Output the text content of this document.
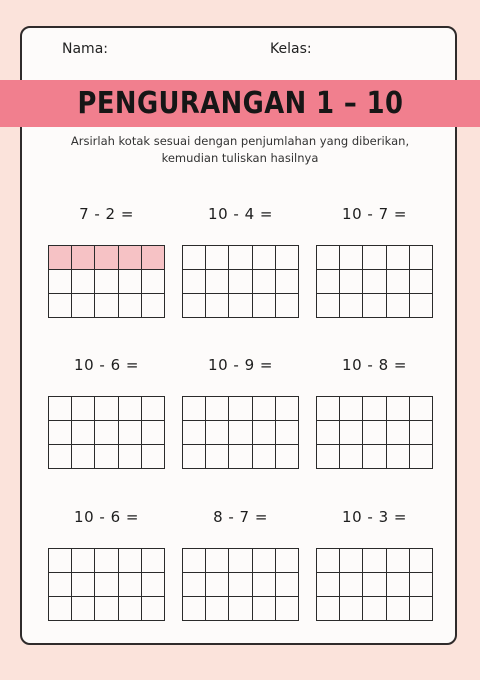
Nama:	Kelas:
PENGURANGAN 1 – 10
Arsirlah kotak sesuai dengan penjumlahan yang diberikan,
kemudian tuliskan hasilnya
7 - 2 =	10 - 4 =	10 - 7 =
10 - 6 =	10 - 9 =	10 - 8 =
10 - 6 =	8 - 7 =	10 - 3 =
